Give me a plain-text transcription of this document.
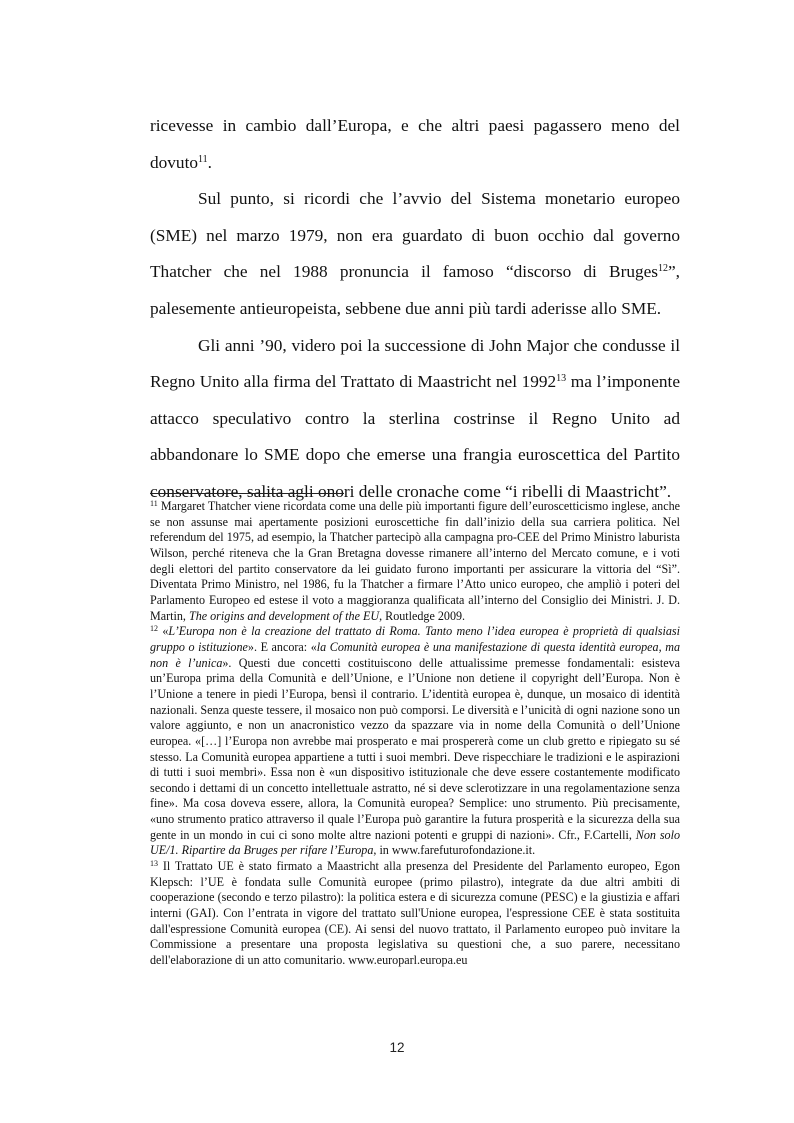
ricevesse in cambio dall’Europa, e che altri paesi pagassero meno del dovuto$^{11}$.

Sul punto, si ricordi che l’avvio del Sistema monetario europeo (SME) nel marzo 1979, non era guardato di buon occhio dal governo Thatcher che nel 1988 pronuncia il famoso “discorso di Bruges$^{12}$”, palesemente antieuropeista, sebbene due anni più tardi aderisse allo SME.

Gli anni ’90, videro poi la successione di John Major che condusse il Regno Unito alla firma del Trattato di Maastricht nel 1992$^{13}$ ma l’imponente attacco speculativo contro la sterlina costrinse il Regno Unito ad abbandonare lo SME dopo che emerse una frangia euroscettica del Partito conservatore, salita agli onori delle cronache come “i ribelli di Maastricht”.

$^{11}$ Margaret Thatcher viene ricordata come una delle più importanti figure dell’euroscetticismo inglese, anche se non assunse mai apertamente posizioni euroscettiche fin dall’inizio della sua carriera politica. Nel referendum del 1975, ad esempio, la Thatcher partecipò alla campagna pro-CEE del Primo Ministro laburista Wilson, perché riteneva che la Gran Bretagna dovesse rimanere all’interno del Mercato comune, e i voti degli elettori del partito conservatore da lei guidato furono importanti per assicurare la vittoria del “Sì”. Diventata Primo Ministro, nel 1986, fu la Thatcher a firmare l’Atto unico europeo, che ampliò i poteri del Parlamento Europeo ed estese il voto a maggioranza qualificata all’interno del Consiglio dei Ministri. J. D. Martin, The origins and development of the EU, Routledge 2009.

$^{12}$ «L’Europa non è la creazione del trattato di Roma. Tanto meno l’idea europea è proprietà di qualsiasi gruppo o istituzione». E ancora: «la Comunità europea è una manifestazione di questa identità europea, ma non è l’unica». Questi due concetti costituiscono delle attualissime premesse fondamentali: esisteva un’Europa prima della Comunità e dell’Unione, e l’Unione non detiene il copyright dell’Europa. Non è l’Unione a tenere in piedi l’Europa, bensì il contrario. L’identità europea è, dunque, un mosaico di identità nazionali. Senza queste tessere, il mosaico non può comporsi. Le diversità e l’unicità di ogni nazione sono un valore aggiunto, e non un anacronistico vezzo da spazzare via in nome della Comunità o dell’Unione europea. «[…] l’Europa non avrebbe mai prosperato e mai prospererà come un club gretto e ripiegato su sé stesso. La Comunità europea appartiene a tutti i suoi membri. Deve rispecchiare le tradizioni e le aspirazioni di tutti i suoi membri». Essa non è «un dispositivo istituzionale che deve essere costantemente modificato secondo i dettami di un concetto intellettuale astratto, né si deve sclerotizzare in una regolamentazione senza fine». Ma cosa doveva essere, allora, la Comunità europea? Semplice: uno strumento. Più precisamente, «uno strumento pratico attraverso il quale l’Europa può garantire la futura prosperità e la sicurezza della sua gente in un mondo in cui ci sono molte altre nazioni potenti e gruppi di nazioni». Cfr., F.Cartelli, Non solo UE/1. Ripartire da Bruges per rifare l’Europa, in www.farefuturofondazione.it.

$^{13}$ Il Trattato UE è stato firmato a Maastricht alla presenza del Presidente del Parlamento europeo, Egon Klepsch: l’UE è fondata sulle Comunità europee (primo pilastro), integrate da due altri ambiti di cooperazione (secondo e terzo pilastro): la politica estera e di sicurezza comune (PESC) e la giustizia e affari interni (GAI). Con l’entrata in vigore del trattato sull'Unione europea, l'espressione CEE è stata sostituita dall'espressione Comunità europea (CE). Ai sensi del nuovo trattato, il Parlamento europeo può invitare la Commissione a presentare una proposta legislativa su questioni che, a suo parere, necessitano dell'elaborazione di un atto comunitario. www.europarl.europa.eu

12
